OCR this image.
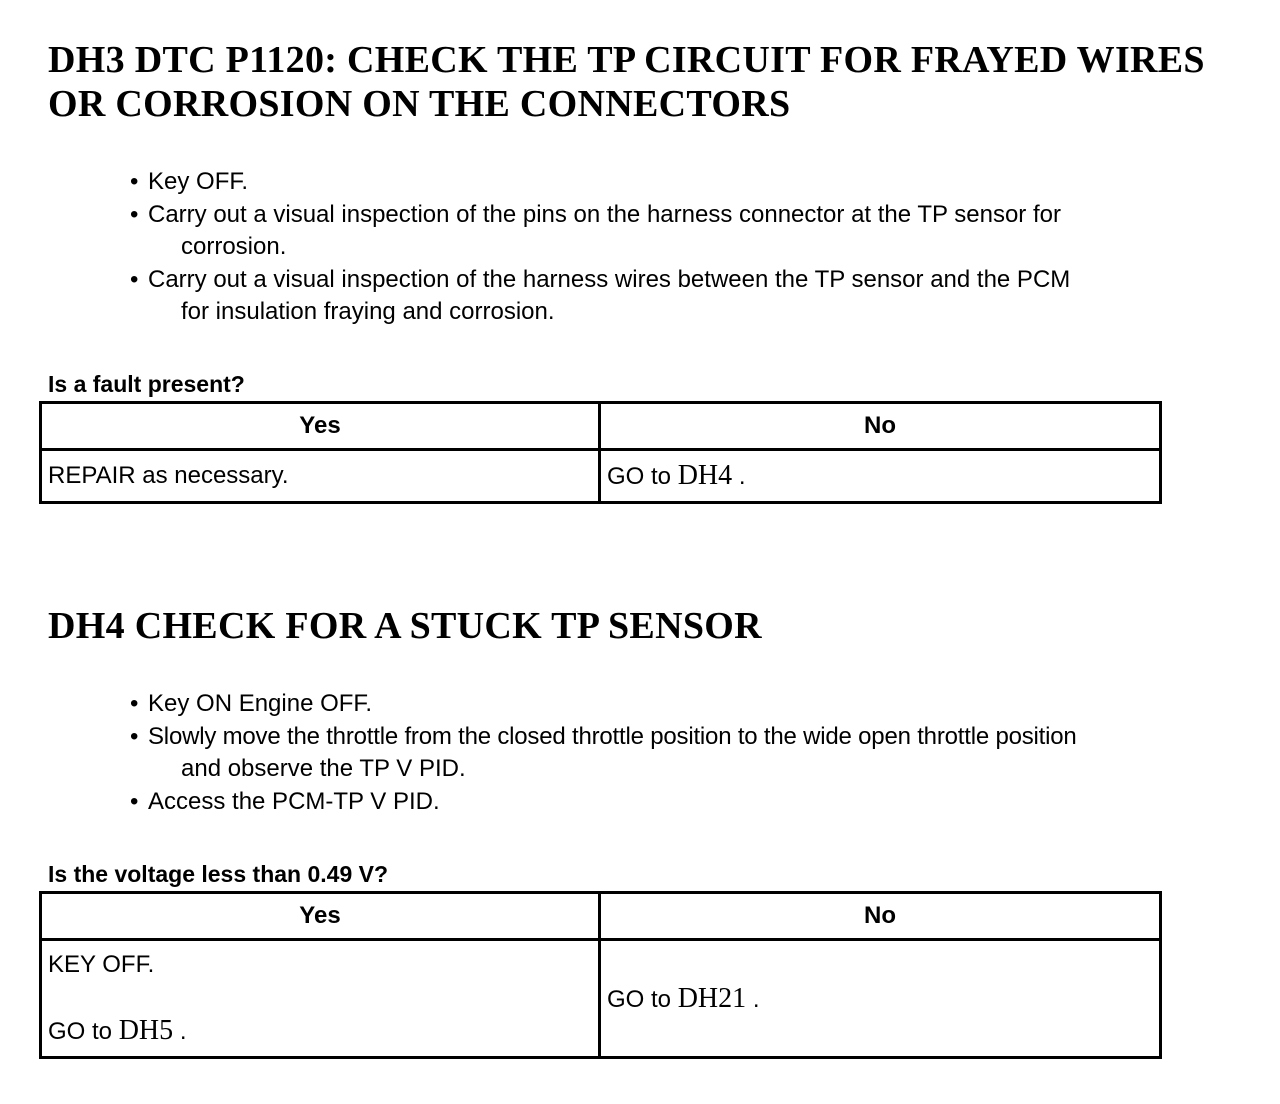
DH3 DTC P1120: CHECK THE TP CIRCUIT FOR FRAYED WIRES
OR CORROSION ON THE CONNECTORS
• Key OFF.
• Carry out a visual inspection of the pins on the harness connector at the TP sensor for
corrosion.
• Carry out a visual inspection of the harness wires between the TP sensor and the PCM
for insulation fraying and corrosion.

Is a fault present?

Yes	No
REPAIR as necessary.	GO to DH4 .
DH4 CHECK FOR A STUCK TP SENSOR
• Key ON Engine OFF.
• Slowly move the throttle from the closed throttle position to the wide open throttle position
and observe the TP V PID.
• Access the PCM-TP V PID.

Is the voltage less than 0.49 V?

Yes	No

KEY OFF.
GO to DH5 .	GO to DH21 .
